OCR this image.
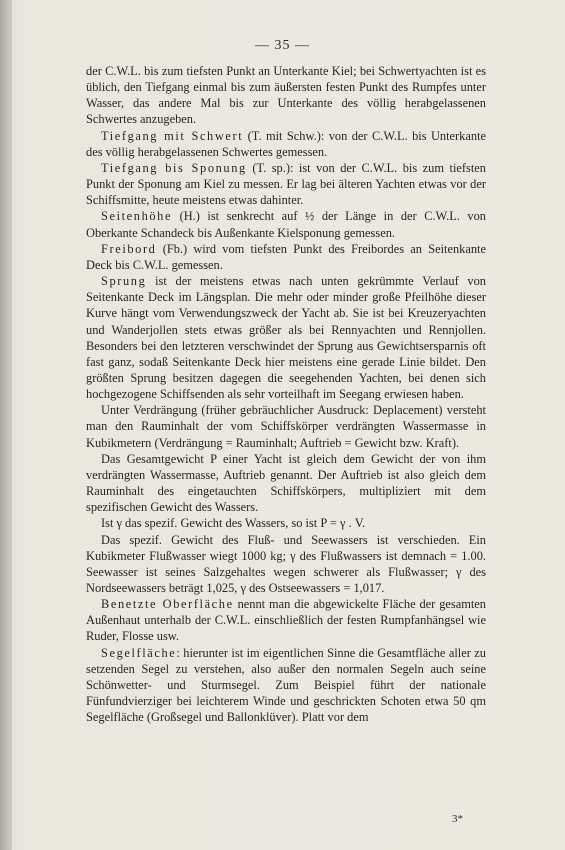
— 35 —

der C.W.L. bis zum tiefsten Punkt an Unterkante Kiel; bei Schwertyachten ist es üblich, den Tiefgang einmal bis zum äußersten festen Punkt des Rumpfes unter Wasser, das andere Mal bis zur Unterkante des völlig herabgelassenen Schwertes anzugeben.

Tiefgang mit Schwert (T. mit Schw.): von der C.W.L. bis Unterkante des völlig herabgelassenen Schwertes gemessen.

Tiefgang bis Sponung (T. sp.): ist von der C.W.L. bis zum tiefsten Punkt der Sponung am Kiel zu messen. Er lag bei älteren Yachten etwas vor der Schiffsmitte, heute meistens etwas dahinter.

Seitenhöhe (H.) ist senkrecht auf ½ der Länge in der C.W.L. von Oberkante Schandeck bis Außenkante Kielsponung gemessen.

Freibord (Fb.) wird vom tiefsten Punkt des Freibordes an Seitenkante Deck bis C.W.L. gemessen.

Sprung ist der meistens etwas nach unten gekrümmte Verlauf von Seitenkante Deck im Längsplan. Die mehr oder minder große Pfeilhöhe dieser Kurve hängt vom Verwendungszweck der Yacht ab. Sie ist bei Kreuzeryachten und Wanderjollen stets etwas größer als bei Rennyachten und Rennjollen. Besonders bei den letzteren verschwindet der Sprung aus Gewichtsersparnis oft fast ganz, sodaß Seitenkante Deck hier meistens eine gerade Linie bildet. Den größten Sprung besitzen dagegen die seegehenden Yachten, bei denen sich hochgezogene Schiffsenden als sehr vorteilhaft im Seegang erwiesen haben.

Unter Verdrängung (früher gebräuchlicher Ausdruck: Deplacement) versteht man den Rauminhalt der vom Schiffskörper verdrängten Wassermasse in Kubikmetern (Verdrängung = Rauminhalt; Auftrieb = Gewicht bzw. Kraft).

Das Gesamtgewicht P einer Yacht ist gleich dem Gewicht der von ihm verdrängten Wassermasse, Auftrieb genannt. Der Auftrieb ist also gleich dem Rauminhalt des eingetauchten Schiffskörpers, multipliziert mit dem spezifischen Gewicht des Wassers.

Ist γ das spezif. Gewicht des Wassers, so ist P = γ . V.

Das spezif. Gewicht des Fluß- und Seewassers ist verschieden. Ein Kubikmeter Flußwasser wiegt 1000 kg; γ des Flußwassers ist demnach = 1.00. Seewasser ist seines Salzgehaltes wegen schwerer als Flußwasser; γ des Nordseewassers beträgt 1,025, γ des Ostseewassers = 1,017.

Benetzte Oberfläche nennt man die abgewickelte Fläche der gesamten Außenhaut unterhalb der C.W.L. einschließlich der festen Rumpfanhängsel wie Ruder, Flosse usw.

Segelfläche: hierunter ist im eigentlichen Sinne die Gesamtfläche aller zu setzenden Segel zu verstehen, also außer den normalen Segeln auch seine Schönwetter- und Sturmsegel. Zum Beispiel führt der nationale Fünfundvierziger bei leichterem Winde und geschrickten Schoten etwa 50 qm Segelfläche (Großsegel und Ballonklüver). Platt vor dem

3*
